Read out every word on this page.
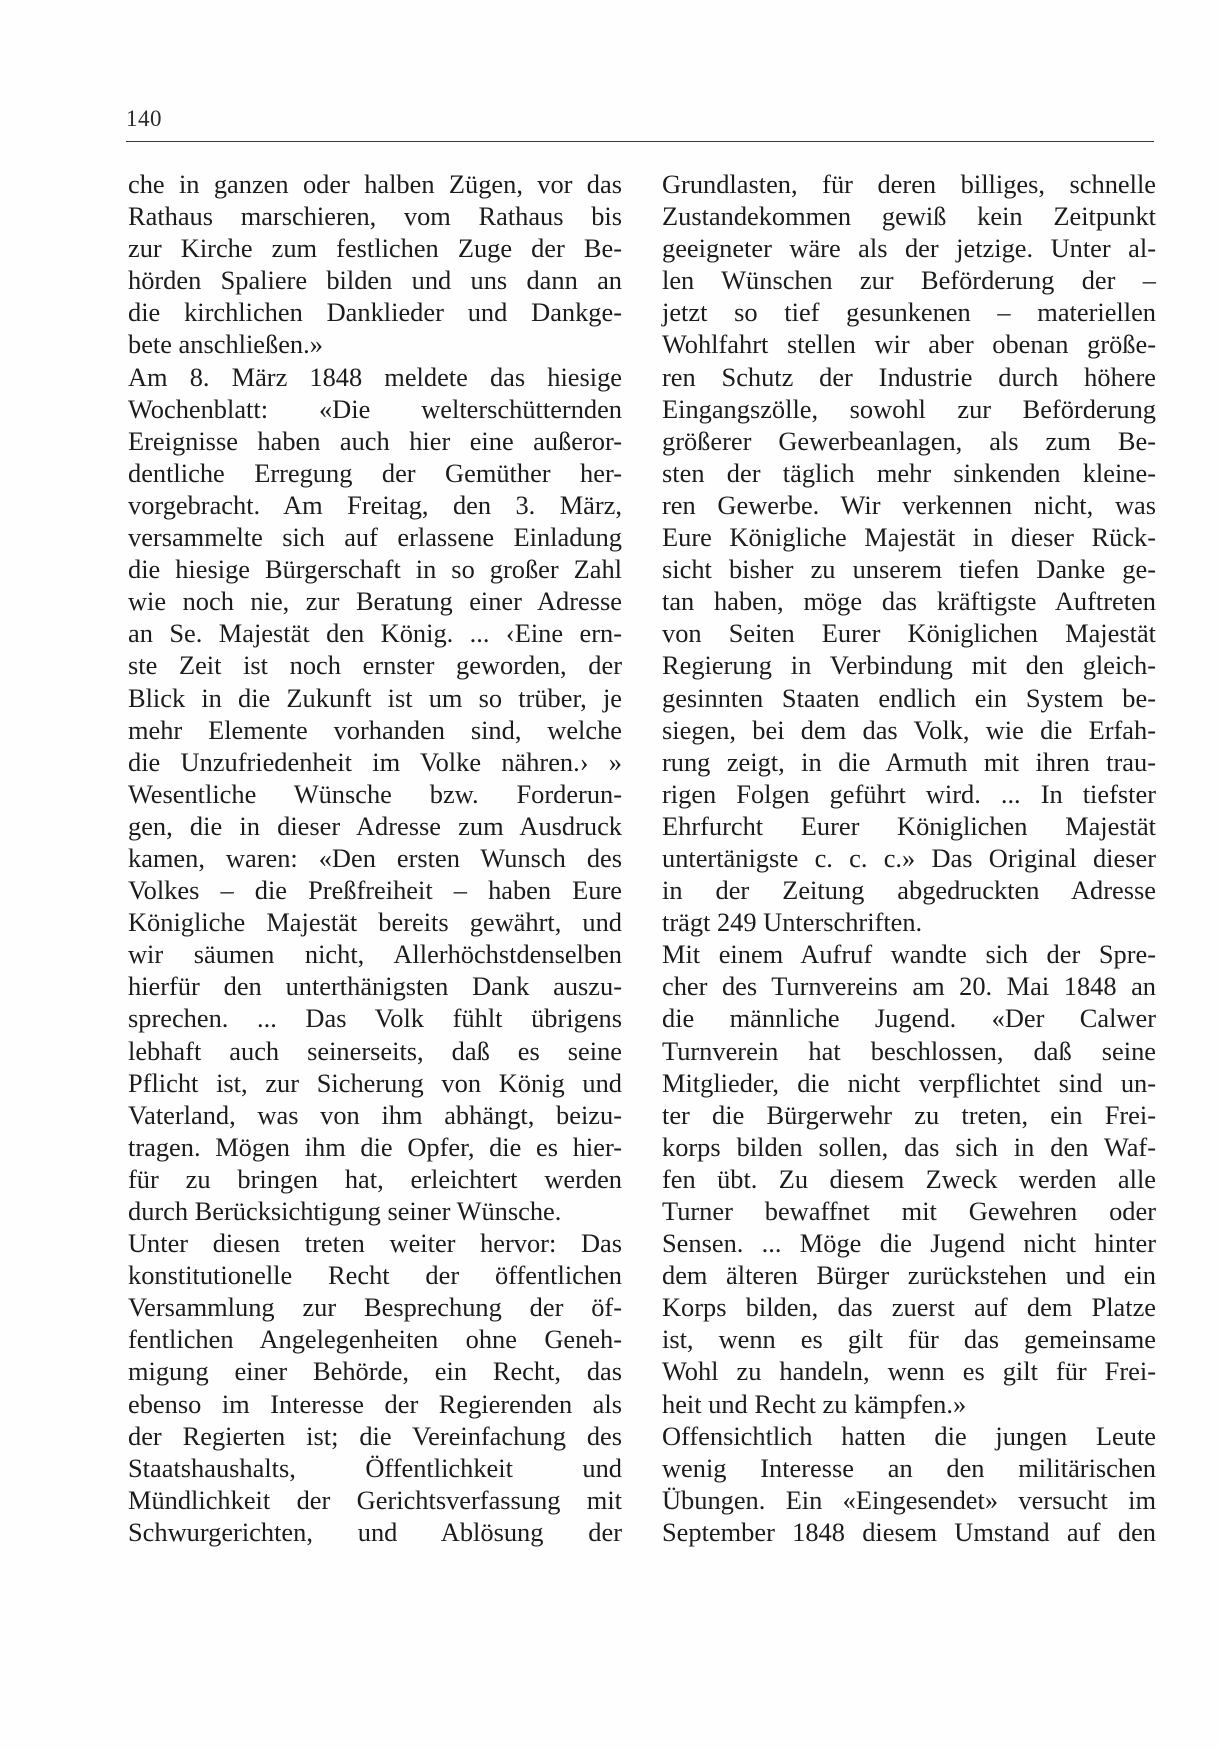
140
che in ganzen oder halben Zügen, vor das
Rathaus marschieren, vom Rathaus bis
zur Kirche zum festlichen Zuge der Be-
hörden Spaliere bilden und uns dann an
die kirchlichen Danklieder und Dankge-
bete anschließen.»
Am 8. März 1848 meldete das hiesige
Wochenblatt: «Die welterschütternden
Ereignisse haben auch hier eine außeror-
dentliche Erregung der Gemüther her-
vorgebracht. Am Freitag, den 3. März,
versammelte sich auf erlassene Einladung
die hiesige Bürgerschaft in so großer Zahl
wie noch nie, zur Beratung einer Adresse
an Se. Majestät den König. ... ‹Eine ern-
ste Zeit ist noch ernster geworden, der
Blick in die Zukunft ist um so trüber, je
mehr Elemente vorhanden sind, welche
die Unzufriedenheit im Volke nähren.› »
Wesentliche Wünsche bzw. Forderun-
gen, die in dieser Adresse zum Ausdruck
kamen, waren: «Den ersten Wunsch des
Volkes – die Preßfreiheit – haben Eure
Königliche Majestät bereits gewährt, und
wir säumen nicht, Allerhöchstdenselben
hierfür den unterthänigsten Dank auszu-
sprechen. ... Das Volk fühlt übrigens
lebhaft auch seinerseits, daß es seine
Pflicht ist, zur Sicherung von König und
Vaterland, was von ihm abhängt, beizu-
tragen. Mögen ihm die Opfer, die es hier-
für zu bringen hat, erleichtert werden
durch Berücksichtigung seiner Wünsche.
Unter diesen treten weiter hervor: Das
konstitutionelle Recht der öffentlichen
Versammlung zur Besprechung der öf-
fentlichen Angelegenheiten ohne Geneh-
migung einer Behörde, ein Recht, das
ebenso im Interesse der Regierenden als
der Regierten ist; die Vereinfachung des
Staatshaushalts, Öffentlichkeit und
Mündlichkeit der Gerichtsverfassung mit
Schwurgerichten, und Ablösung der
Grundlasten, für deren billiges, schnelle
Zustandekommen gewiß kein Zeitpunkt
geeigneter wäre als der jetzige. Unter al-
len Wünschen zur Beförderung der –
jetzt so tief gesunkenen – materiellen
Wohlfahrt stellen wir aber obenan größe-
ren Schutz der Industrie durch höhere
Eingangszölle, sowohl zur Beförderung
größerer Gewerbeanlagen, als zum Be-
sten der täglich mehr sinkenden kleine-
ren Gewerbe. Wir verkennen nicht, was
Eure Königliche Majestät in dieser Rück-
sicht bisher zu unserem tiefen Danke ge-
tan haben, möge das kräftigste Auftreten
von Seiten Eurer Königlichen Majestät
Regierung in Verbindung mit den gleich-
gesinnten Staaten endlich ein System be-
siegen, bei dem das Volk, wie die Erfah-
rung zeigt, in die Armuth mit ihren trau-
rigen Folgen geführt wird. ... In tiefster
Ehrfurcht Eurer Königlichen Majestät
untertänigste c. c. c.» Das Original dieser
in der Zeitung abgedruckten Adresse
trägt 249 Unterschriften.
Mit einem Aufruf wandte sich der Spre-
cher des Turnvereins am 20. Mai 1848 an
die männliche Jugend. «Der Calwer
Turnverein hat beschlossen, daß seine
Mitglieder, die nicht verpflichtet sind un-
ter die Bürgerwehr zu treten, ein Frei-
korps bilden sollen, das sich in den Waf-
fen übt. Zu diesem Zweck werden alle
Turner bewaffnet mit Gewehren oder
Sensen. ... Möge die Jugend nicht hinter
dem älteren Bürger zurückstehen und ein
Korps bilden, das zuerst auf dem Platze
ist, wenn es gilt für das gemeinsame
Wohl zu handeln, wenn es gilt für Frei-
heit und Recht zu kämpfen.»
Offensichtlich hatten die jungen Leute
wenig Interesse an den militärischen
Übungen. Ein «Eingesendet» versucht im
September 1848 diesem Umstand auf den
